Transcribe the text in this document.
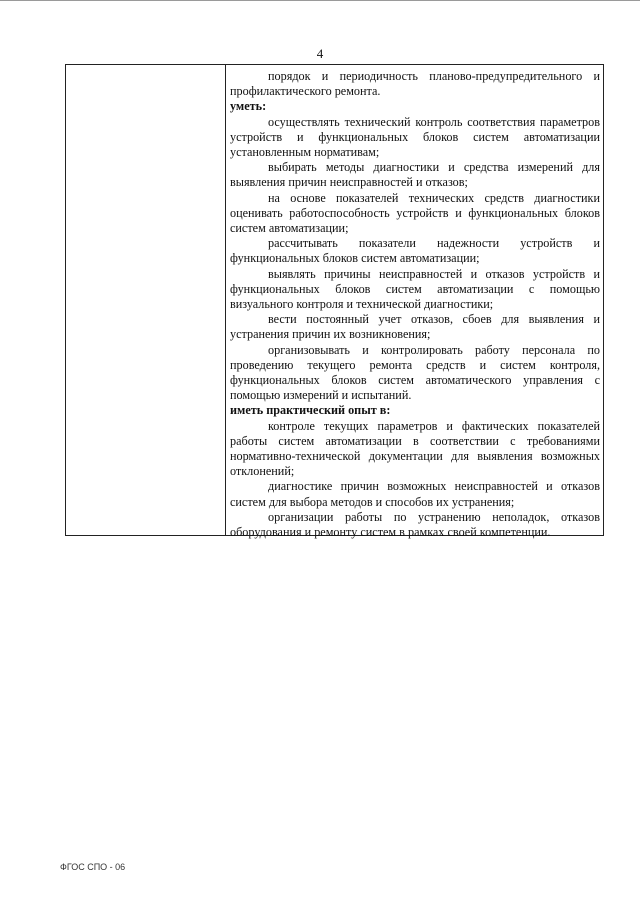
4

порядок и периодичность планово-предупредительного и профилактического ремонта.

уметь:

осуществлять технический контроль соответствия параметров устройств и функциональных блоков систем автоматизации установленным нормативам;

выбирать методы диагностики и средства измерений для выявления причин неисправностей и отказов;

на основе показателей технических средств диагностики оценивать работоспособность устройств и функциональных блоков систем автоматизации;

рассчитывать показатели надежности устройств и функциональных блоков систем автоматизации;

выявлять причины неисправностей и отказов устройств и функциональных блоков систем автоматизации с помощью визуального контроля и технической диагностики;

вести постоянный учет отказов, сбоев для выявления и устранения причин их возникновения;

организовывать и контролировать работу персонала по проведению текущего ремонта средств и систем контроля, функциональных блоков систем автоматического управления с помощью измерений и испытаний.

иметь практический опыт в:

контроле текущих параметров и фактических показателей работы систем автоматизации в соответствии с требованиями нормативно-технической документации для выявления возможных отклонений;

диагностике причин возможных неисправностей и отказов систем для выбора методов и способов их устранения;

организации работы по устранению неполадок, отказов оборудования и ремонту систем в рамках своей компетенции.

ФГОС СПО - 06
